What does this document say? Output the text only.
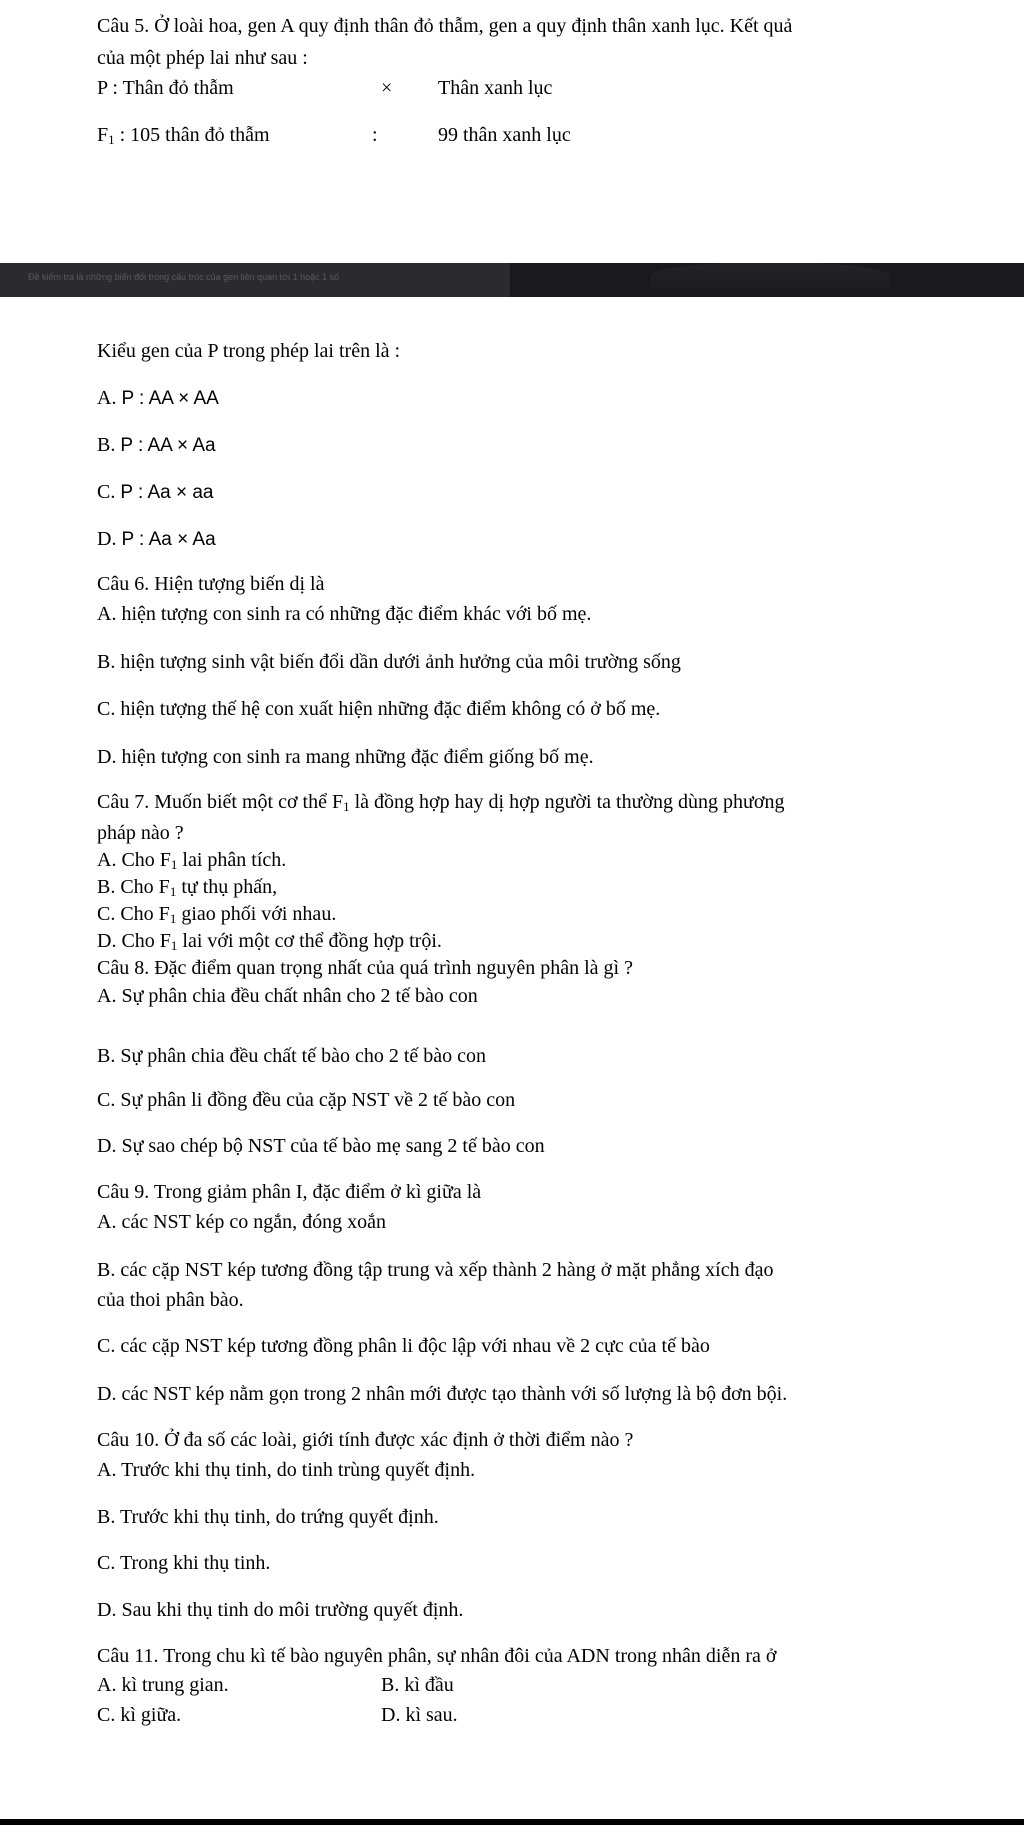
Câu 5. Ở loài hoa, gen A quy định thân đỏ thẫm, gen a quy định thân xanh lục. Kết quả
của một phép lai như sau :
P : Thân đỏ thẫm	× Thân xanh lục
$F_1$ : 105 thân đỏ thẫm	:	99 thân xanh lục
Đề kiểm tra là những biến đổi trong cấu trúc của gen liên quan tới 1 hoặc 1 số
Kiểu gen của P trong phép lai trên là :
A. P : AA × AA
B. P : AA × Aa
C. P : Aa × aa
D. P : Aa × Aa
Câu 6. Hiện tượng biến dị là
A. hiện tượng con sinh ra có những đặc điểm khác với bố mẹ.
B. hiện tượng sinh vật biến đổi dần dưới ảnh hưởng của môi trường sống
C. hiện tượng thế hệ con xuất hiện những đặc điểm không có ở bố mẹ.
D. hiện tượng con sinh ra mang những đặc điểm giống bố mẹ.
Câu 7. Muốn biết một cơ thể $F_1$ là đồng hợp hay dị hợp người ta thường dùng phương
pháp nào ?
A. Cho $F_1$ lai phân tích.
B. Cho $F_1$ tự thụ phấn,
C. Cho $F_1$ giao phối với nhau.
D. Cho $F_1$ lai với một cơ thể đồng hợp trội.
Câu 8. Đặc điểm quan trọng nhất của quá trình nguyên phân là gì ?
A. Sự phân chia đều chất nhân cho 2 tế bào con
B. Sự phân chia đều chất tế bào cho 2 tế bào con
C. Sự phân li đồng đều của cặp NST về 2 tế bào con
D. Sự sao chép bộ NST của tế bào mẹ sang 2 tế bào con
Câu 9. Trong giảm phân I, đặc điểm ở kì giữa là
A. các NST kép co ngắn, đóng xoắn
B. các cặp NST kép tương đồng tập trung và xếp thành 2 hàng ở mặt phẳng xích đạo
của thoi phân bào.
C. các cặp NST kép tương đồng phân li độc lập với nhau về 2 cực của tế bào
D. các NST kép nằm gọn trong 2 nhân mới được tạo thành với số lượng là bộ đơn bội.
Câu 10. Ở đa số các loài, giới tính được xác định ở thời điểm nào ?
A. Trước khi thụ tinh, do tinh trùng quyết định.
B. Trước khi thụ tinh, do trứng quyết định.
C. Trong khi thụ tinh.
D. Sau khi thụ tinh do môi trường quyết định.
Câu 11. Trong chu kì tế bào nguyên phân, sự nhân đôi của ADN trong nhân diễn ra ở
A. kì trung gian.	B. kì đầu
C. kì giữa.	D. kì sau.
